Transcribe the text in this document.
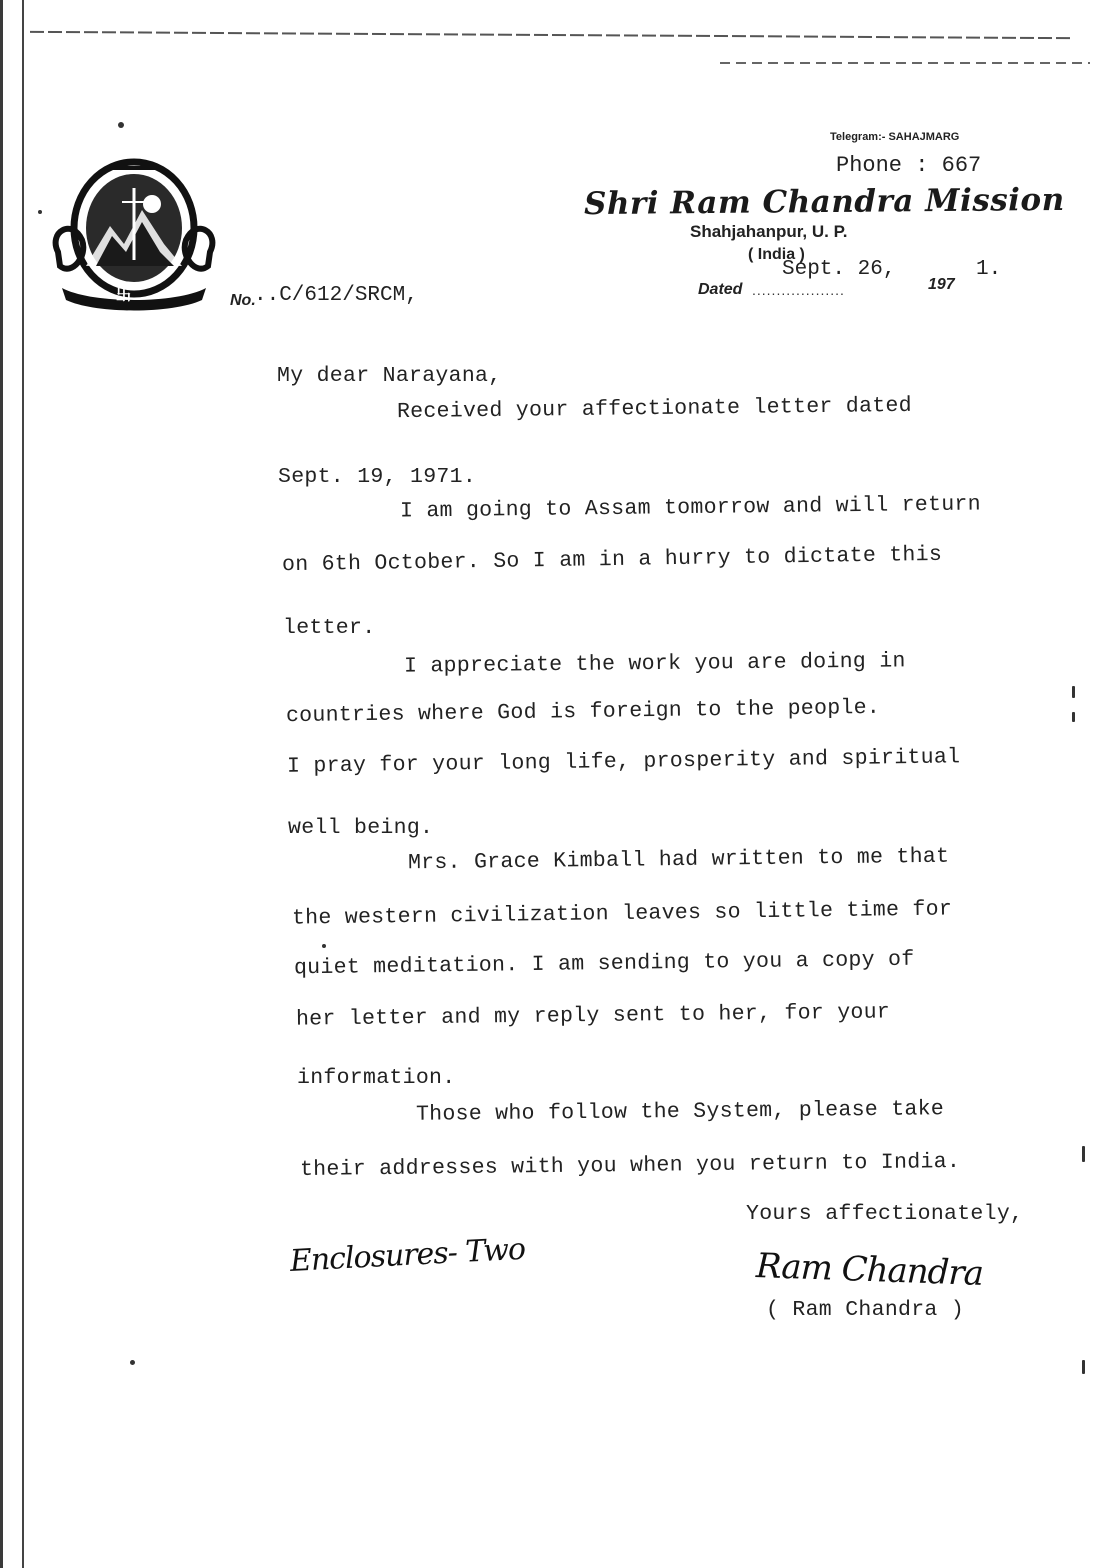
卐
Telegram:- SAHAJMARG
Phone : 667
Shri Ram Chandra Mission
Shahjahanpur, U. P.
( India )
Sept. 26,	1.
Dated ...................	197
No.
..C/612/SRCM,
My dear Narayana,
Received your affectionate letter dated
Sept. 19, 1971.
I am going to Assam tomorrow and will return
on 6th October. So I am in a hurry to dictate this
letter.
I appreciate the work you are doing in
countries where God is foreign to the people.
I pray for your long life, prosperity and spiritual
well being.
Mrs. Grace Kimball had written to me that
the western civilization leaves so little time for
quiet meditation. I am sending to you a copy of
her letter and my reply sent to her, for your
information.
Those who follow the System, please take
their addresses with you when you return to India.
Yours affectionately,
Enclosures- Two	Ram Chandra
( Ram Chandra )
